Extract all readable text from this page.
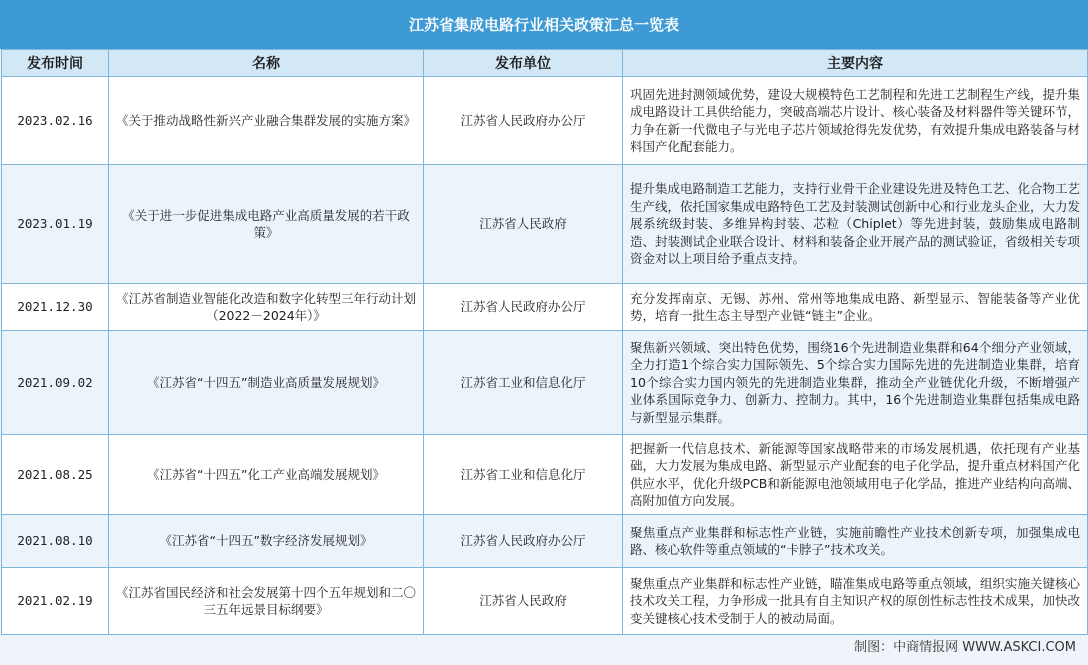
江苏省集成电路行业相关政策汇总一览表
发布时间	名称	发布单位	主要内容
2023.02.16	《关于推动战略性新兴产业融合集群发展的实施方案》	江苏省人民政府办公厅	巩固先进封测领域优势，建设大规模特色工艺制程和先进工艺制程生产线，提升集成电路设计工具供给能力，突破高端芯片设计、核心装备及材料器件等关键环节，力争在新一代微电子与光电子芯片领域抢得先发优势，有效提升集成电路装备与材料国产化配套能力。
2023.01.19	《关于进一步促进集成电路产业高质量发展的若干政策》	江苏省人民政府	提升集成电路制造工艺能力，支持行业骨干企业建设先进及特色工艺、化合物工艺生产线，依托国家集成电路特色工艺及封装测试创新中心和行业龙头企业，大力发展系统级封装、多维异构封装、芯粒（Chiplet）等先进封装，鼓励集成电路制造、封装测试企业联合设计、材料和装备企业开展产品的测试验证，省级相关专项资金对以上项目给予重点支持。
2021.12.30	《江苏省制造业智能化改造和数字化转型三年行动计划（2022－2024年）》	江苏省人民政府办公厅	充分发挥南京、无锡、苏州、常州等地集成电路、新型显示、智能装备等产业优势，培育一批生态主导型产业链“链主”企业。
2021.09.02	《江苏省“十四五”制造业高质量发展规划》	江苏省工业和信息化厅	聚焦新兴领域、突出特色优势，围绕16个先进制造业集群和64个细分产业领域，全力打造1个综合实力国际领先、5个综合实力国际先进的先进制造业集群，培育10个综合实力国内领先的先进制造业集群，推动全产业链优化升级，不断增强产业体系国际竞争力、创新力、控制力。其中，16个先进制造业集群包括集成电路与新型显示集群。
2021.08.25	《江苏省“十四五”化工产业高端发展规划》	江苏省工业和信息化厅	把握新一代信息技术、新能源等国家战略带来的市场发展机遇，依托现有产业基础，大力发展为集成电路、新型显示产业配套的电子化学品，提升重点材料国产化供应水平，优化升级PCB和新能源电池领域用电子化学品，推进产业结构向高端、高附加值方向发展。
2021.08.10	《江苏省“十四五”数字经济发展规划》	江苏省人民政府办公厅	聚焦重点产业集群和标志性产业链，实施前瞻性产业技术创新专项，加强集成电路、核心软件等重点领域的“卡脖子”技术攻关。
2021.02.19	《江苏省国民经济和社会发展第十四个五年规划和二〇三五年远景目标纲要》	江苏省人民政府	聚焦重点产业集群和标志性产业链，瞄准集成电路等重点领域，组织实施关键核心技术攻关工程，力争形成一批具有自主知识产权的原创性标志性技术成果，加快改变关键核心技术受制于人的被动局面。
制图：中商情报网 WWW.ASKCI.COM
